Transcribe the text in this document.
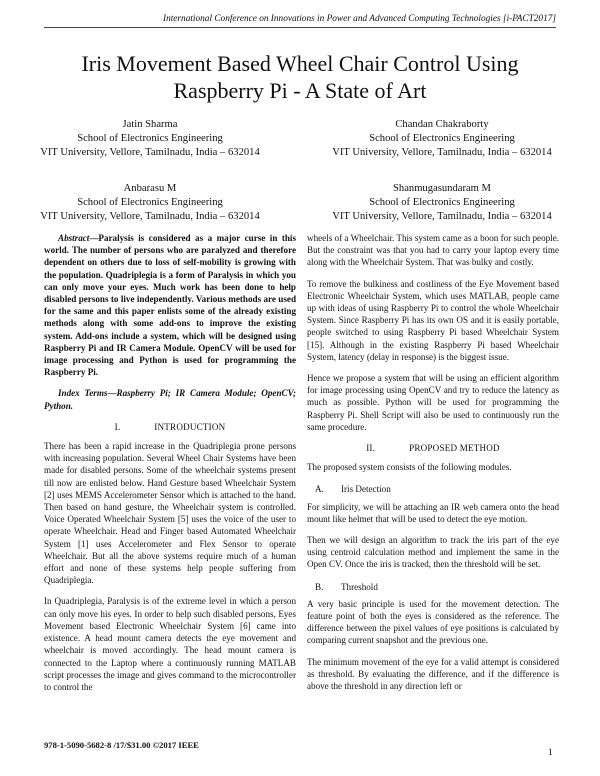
International Conference on Innovations in Power and Advanced Computing Technologies [i-PACT2017]
Iris Movement Based Wheel Chair Control Using
Raspberry Pi - A State of Art
Jatin Sharma
School of Electronics Engineering
VIT University, Vellore, Tamilnadu, India – 632014
Chandan Chakraborty
School of Electronics Engineering
VIT University, Vellore, Tamilnadu, India – 632014
Anbarasu M
School of Electronics Engineering
VIT University, Vellore, Tamilnadu, India – 632014
Shanmugasundaram M
School of Electronics Engineering
VIT University, Vellore, Tamilnadu, India – 632014

Abstract—Paralysis is considered as a major curse in this world. The number of persons who are paralyzed and therefore dependent on others due to loss of self-mobility is growing with the population. Quadriplegia is a form of Paralysis in which you can only move your eyes. Much work has been done to help disabled persons to live independently. Various methods are used for the same and this paper enlists some of the already existing methods along with some add-ons to improve the existing system. Add-ons include a system, which will be designed using Raspberry Pi and IR Camera Module. OpenCV will be used for image processing and Python is used for programming the Raspberry Pi.

Index Terms—Raspberry Pi; IR Camera Module; OpenCV; Python.

I.	INTRODUCTION

There has been a rapid increase in the Quadriplegia prone persons with increasing population. Several Wheel Chair Systems have been made for disabled persons. Some of the wheelchair systems present till now are enlisted below. Hand Gesture based Wheelchair System [2] uses MEMS Accelerometer Sensor which is attached to the hand. Then based on hand gesture, the Wheelchair system is controlled. Voice Operated Wheelchair System [5] uses the voice of the user to operate Wheelchair. Head and Finger based Automated Wheelchair System [1] uses Accelerometer and Flex Sensor to operate Wheelchair. But all the above systems require much of a human effort and none of these systems help people suffering from Quadriplegia.

In Quadriplegia, Paralysis is of the extreme level in which a person can only move his eyes. In order to help such disabled persons, Eyes Movement based Electronic Wheelchair System [6] came into existence. A head mount camera detects the eye movement and wheelchair is moved accordingly. The head mount camera is connected to the Laptop where a continuously running MATLAB script processes the image and gives command to the microcontroller to control the

wheels of a Wheelchair. This system came as a boon for such people. But the constraint was that you had to carry your laptop every time along with the Wheelchair System. That was bulky and costly.

To remove the bulkiness and costliness of the Eye Movement based Electronic Wheelchair System, which uses MATLAB, people came up with ideas of using Raspberry Pi to control the whole Wheelchair System. Since Raspberry Pi has its own OS and it is easily portable, people switched to using Raspberry Pi based Wheelchair System [15]. Although in the existing Raspberry Pi based Wheelchair System, latency (delay in response) is the biggest issue.

Hence we propose a system that will be using an efficient algorithm for image processing using OpenCV and try to reduce the latency as much as possible. Python will be used for programming the Raspberry Pi. Shell Script will also be used to continuously run the same procedure.

II.	PROPOSED METHOD

The proposed system consists of the following modules.

A. Iris Detection

For simplicity, we will be attaching an IR web camera onto the head mount like helmet that will be used to detect the eye motion.

Then we will design an algorithm to track the iris part of the eye using centroid calculation method and implement the same in the Open CV. Once the iris is tracked, then the threshold will be set.

B. Threshold

A very basic principle is used for the movement detection. The feature point of both the eyes is considered as the reference. The difference between the pixel values of eye positions is calculated by comparing current snapshot and the previous one.

The minimum movement of the eye for a valid attempt is considered as threshold. By evaluating the difference, and if the difference is above the threshold in any direction left or

978-1-5090-5682-8 /17/$31.00 ©2017 IEEE
1
